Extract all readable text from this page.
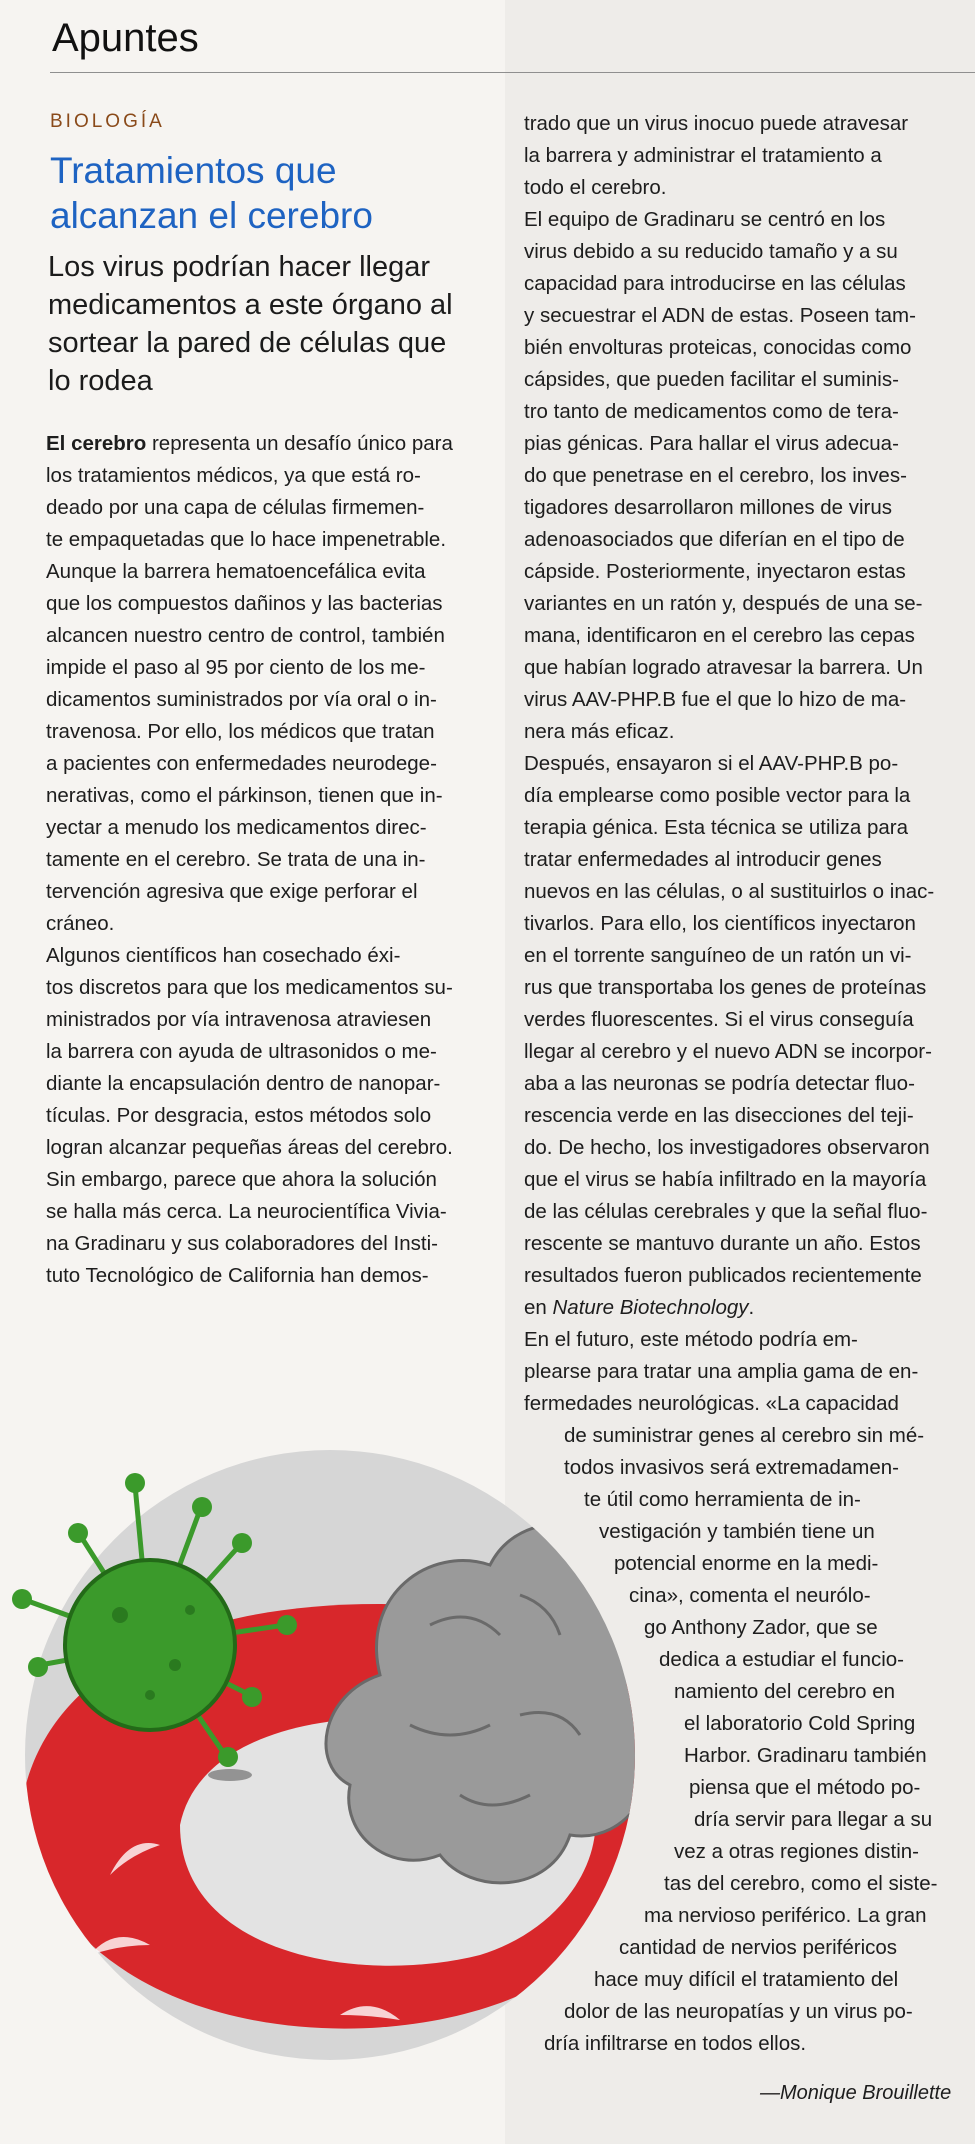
Apuntes
BIOLOGÍA
Tratamientos que alcanzan el cerebro
Los virus podrían hacer llegar medicamentos a este órgano al sortear la pared de células que lo rodea
El cerebro representa un desafío único para
los tratamientos médicos, ya que está ro-
deado por una capa de células firmemen-
te empaquetadas que lo hace impenetrable.
Aunque la barrera hematoencefálica evita
que los compuestos dañinos y las bacterias
alcancen nuestro centro de control, también
impide el paso al 95 por ciento de los me-
dicamentos suministrados por vía oral o in-
travenosa. Por ello, los médicos que tratan
a pacientes con enfermedades neurodege-
nerativas, como el párkinson, tienen que in-
yectar a menudo los medicamentos direc-
tamente en el cerebro. Se trata de una in-
tervención agresiva que exige perforar el
cráneo.
Algunos científicos han cosechado éxi-
tos discretos para que los medicamentos su-
ministrados por vía intravenosa atraviesen
la barrera con ayuda de ultrasonidos o me-
diante la encapsulación dentro de nanopar-
tículas. Por desgracia, estos métodos solo
logran alcanzar pequeñas áreas del cerebro.
Sin embargo, parece que ahora la solución
se halla más cerca. La neurocientífica Vivia-
na Gradinaru y sus colaboradores del Insti-
tuto Tecnológico de California han demos-
trado que un virus inocuo puede atravesar
la barrera y administrar el tratamiento a
todo el cerebro.
El equipo de Gradinaru se centró en los
virus debido a su reducido tamaño y a su
capacidad para introducirse en las células
y secuestrar el ADN de estas. Poseen tam-
bién envolturas proteicas, conocidas como
cápsides, que pueden facilitar el suminis-
tro tanto de medicamentos como de tera-
pias génicas. Para hallar el virus adecua-
do que penetrase en el cerebro, los inves-
tigadores desarrollaron millones de virus
adenoasociados que diferían en el tipo de
cápside. Posteriormente, inyectaron estas
variantes en un ratón y, después de una se-
mana, identificaron en el cerebro las cepas
que habían logrado atravesar la barrera. Un
virus AAV-PHP.B fue el que lo hizo de ma-
nera más eficaz.
Después, ensayaron si el AAV-PHP.B po-
día emplearse como posible vector para la
terapia génica. Esta técnica se utiliza para
tratar enfermedades al introducir genes
nuevos en las células, o al sustituirlos o inac-
tivarlos. Para ello, los científicos inyectaron
en el torrente sanguíneo de un ratón un vi-
rus que transportaba los genes de proteínas
verdes fluorescentes. Si el virus conseguía
llegar al cerebro y el nuevo ADN se incorpor-
aba a las neuronas se podría detectar fluo-
rescencia verde en las disecciones del teji-
do. De hecho, los investigadores observaron
que el virus se había infiltrado en la mayoría
de las células cerebrales y que la señal fluo-
rescente se mantuvo durante un año. Estos
resultados fueron publicados recientemente
en Nature Biotechnology.
En el futuro, este método podría em-
plearse para tratar una amplia gama de en-
fermedades neurológicas. «La capacidad
de suministrar genes al cerebro sin mé-
todos invasivos será extremadamen-
te útil como herramienta de in-
vestigación y también tiene un
potencial enorme en la medi-
cina», comenta el neurólo-
go Anthony Zador, que se
dedica a estudiar el funcio-
namiento del cerebro en
el laboratorio Cold Spring
Harbor. Gradinaru también
piensa que el método po-
dría servir para llegar a su
vez a otras regiones distin-
tas del cerebro, como el siste-
ma nervioso periférico. La gran
cantidad de nervios periféricos
hace muy difícil el tratamiento del
dolor de las neuropatías y un virus po-
dría infiltrarse en todos ellos.
—Monique Brouillette
